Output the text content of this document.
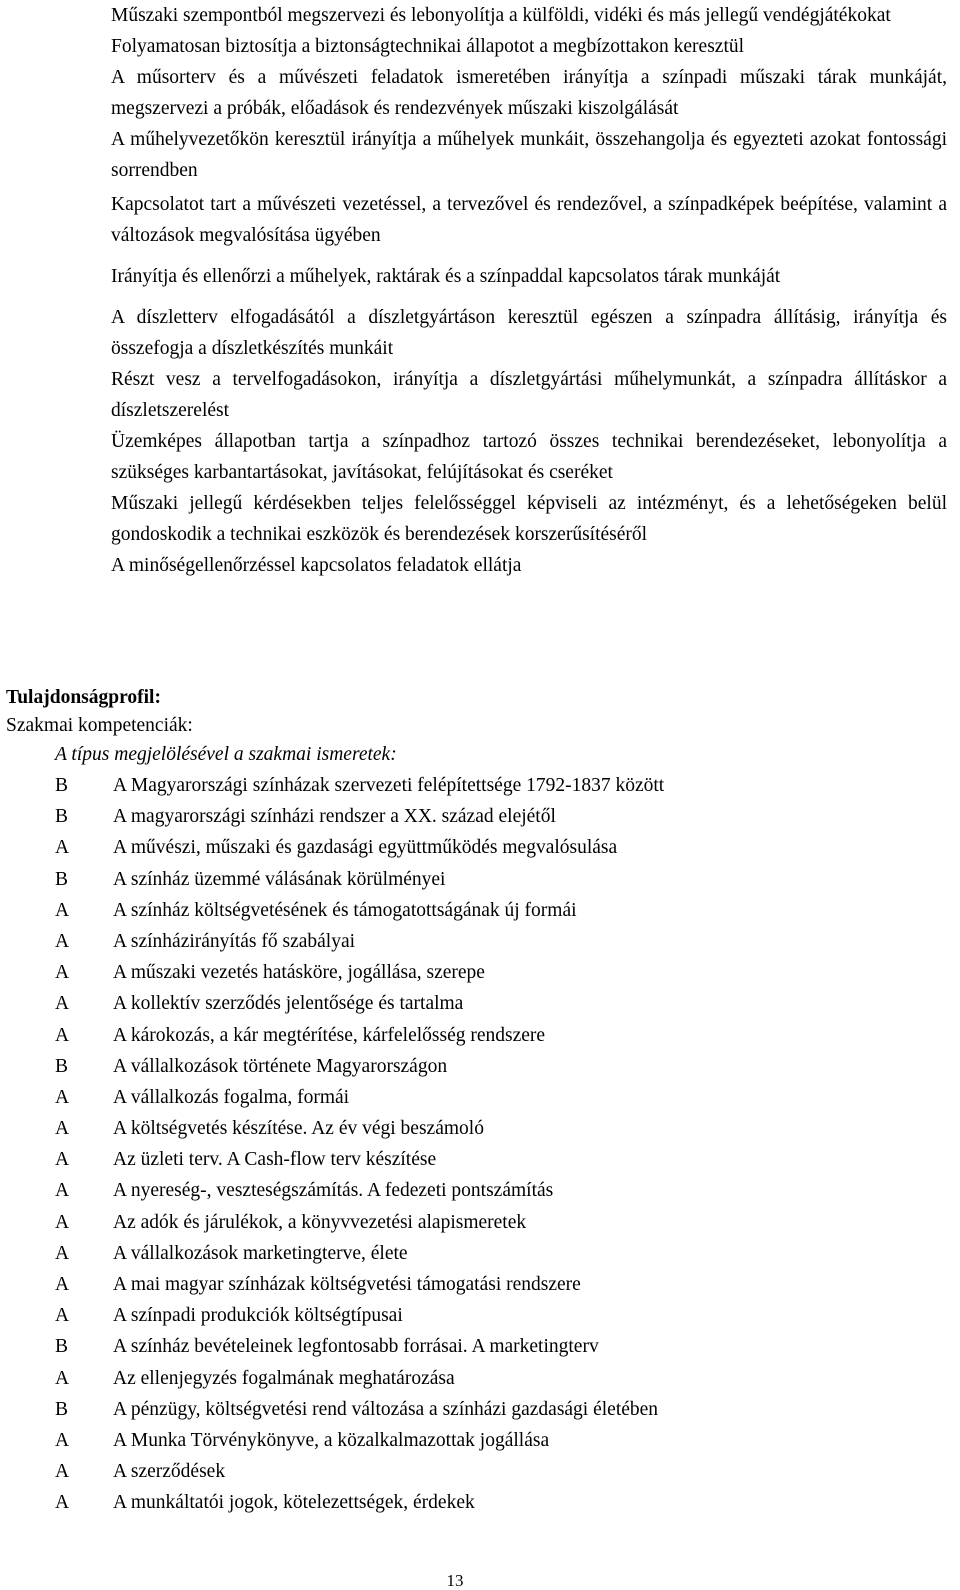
Műszaki szempontból megszervezi és lebonyolítja a külföldi, vidéki és más jellegű vendégjátékokat

Folyamatosan biztosítja a biztonságtechnikai állapotot a megbízottakon keresztül

A műsorterv és a művészeti feladatok ismeretében irányítja a színpadi műszaki tárak munkáját, megszervezi a próbák, előadások és rendezvények műszaki kiszolgálását

A műhelyvezetőkön keresztül irányítja a műhelyek munkáit, összehangolja és egyezteti azokat fontossági sorrendben

Kapcsolatot tart a művészeti vezetéssel, a tervezővel és rendezővel, a színpadképek beépítése, valamint a változások megvalósítása ügyében

Irányítja és ellenőrzi a műhelyek, raktárak és a színpaddal kapcsolatos tárak munkáját

A díszletterv elfogadásától a díszletgyártáson keresztül egészen a színpadra állításig, irányítja és összefogja a díszletkészítés munkáit

Részt vesz a tervelfogadásokon, irányítja a díszletgyártási műhelymunkát, a színpadra állításkor a díszletszerelést

Üzemképes állapotban tartja a színpadhoz tartozó összes technikai berendezéseket, lebonyolítja a szükséges karbantartásokat, javításokat, felújításokat és cseréket

Műszaki jellegű kérdésekben teljes felelősséggel képviseli az intézményt, és a lehetőségeken belül gondoskodik a technikai eszközök és berendezések korszerűsítéséről

A minőségellenőrzéssel kapcsolatos feladatok ellátja

Tulajdonságprofil:

Szakmai kompetenciák:

A típus megjelölésével a szakmai ismeretek:

B	A Magyarországi színházak szervezeti felépítettsége 1792-1837 között
B	A magyarországi színházi rendszer a XX. század elejétől
A	A művészi, műszaki és gazdasági együttműködés megvalósulása
B	A színház üzemmé válásának körülményei
A	A színház költségvetésének és támogatottságának új formái
A	A színházirányítás fő szabályai
A	A műszaki vezetés hatásköre, jogállása, szerepe
A	A kollektív szerződés jelentősége és tartalma
A	A károkozás, a kár megtérítése, kárfelelősség rendszere
B	A vállalkozások története Magyarországon
A	A vállalkozás fogalma, formái
A	A költségvetés készítése. Az év végi beszámoló
A	Az üzleti terv. A Cash-flow terv készítése
A	A nyereség-, veszteségszámítás. A fedezeti pontszámítás
A	Az adók és járulékok, a könyvvezetési alapismeretek
A	A vállalkozások marketingterve, élete
A	A mai magyar színházak költségvetési támogatási rendszere
A	A színpadi produkciók költségtípusai
B	A színház bevételeinek legfontosabb forrásai. A marketingterv
A	Az ellenjegyzés fogalmának meghatározása
B	A pénzügy, költségvetési rend változása a színházi gazdasági életében
A	A Munka Törvénykönyve, a közalkalmazottak jogállása
A	A szerződések
A	A munkáltatói jogok, kötelezettségek, érdekek
13
